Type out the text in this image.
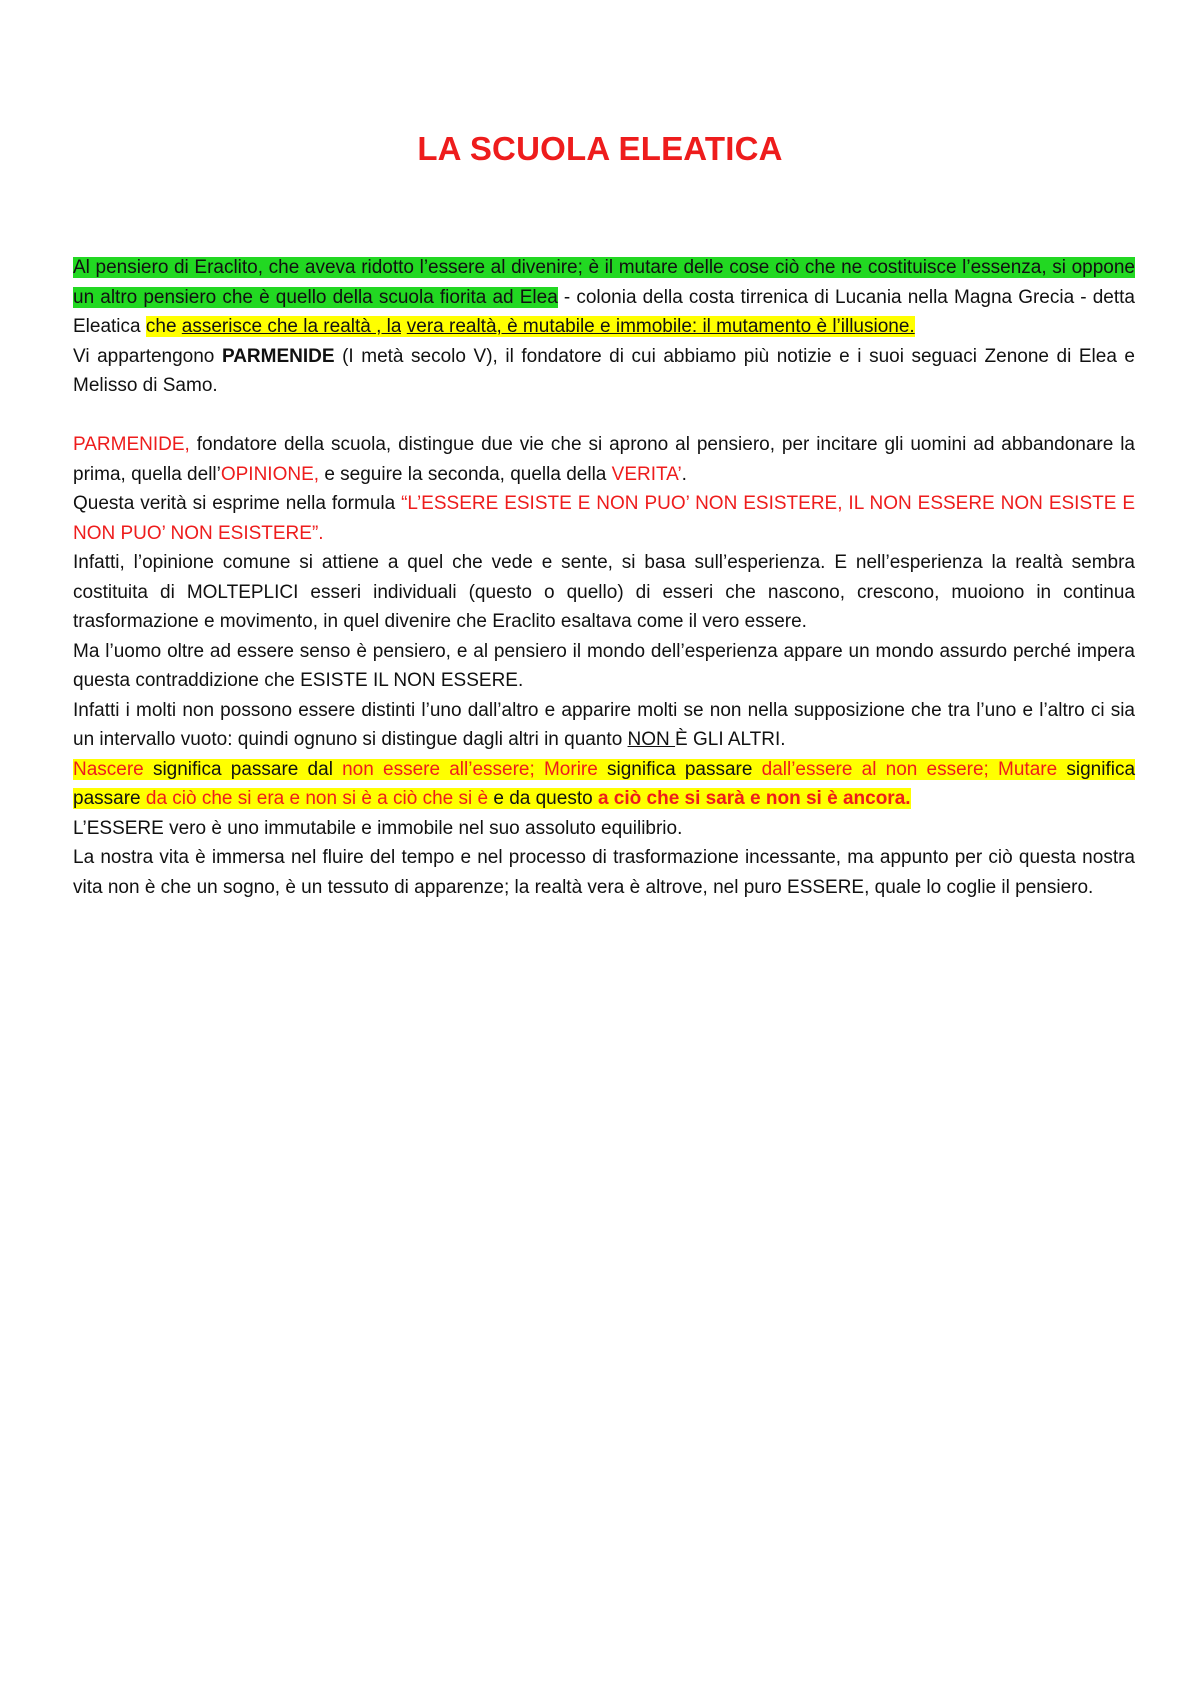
LA SCUOLA ELEATICA

Al pensiero di Eraclito, che aveva ridotto l’essere al divenire; è il mutare delle cose ciò che ne costituisce l’essenza, si oppone un altro pensiero che è quello della scuola fiorita ad Elea - colonia della costa tirrenica di Lucania nella Magna Grecia - detta Eleatica che asserisce che la realtà , la vera realtà, è mutabile e immobile: il mutamento è l’illusione.

Vi appartengono PARMENIDE (I metà secolo V), il fondatore di cui abbiamo più notizie e i suoi seguaci Zenone di Elea e Melisso di Samo.

PARMENIDE, fondatore della scuola, distingue due vie che si aprono al pensiero, per incitare gli uomini ad abbandonare la prima, quella dell’OPINIONE, e seguire la seconda, quella della VERITA’.

Questa verità si esprime nella formula “L’ESSERE ESISTE E NON PUO’ NON ESISTERE, IL NON ESSERE NON ESISTE E NON PUO’ NON ESISTERE”.

Infatti, l’opinione comune si attiene a quel che vede e sente, si basa sull’esperienza. E nell’esperienza la realtà sembra costituita di MOLTEPLICI esseri individuali (questo o quello) di esseri che nascono, crescono, muoiono in continua trasformazione e movimento, in quel divenire che Eraclito esaltava come il vero essere.

Ma l’uomo oltre ad essere senso è pensiero, e al pensiero il mondo dell’esperienza appare un mondo assurdo perché impera questa contraddizione che ESISTE IL NON ESSERE.

Infatti i molti non possono essere distinti l’uno dall’altro e apparire molti se non nella supposizione che tra l’uno e l’altro ci sia un intervallo vuoto: quindi ognuno si distingue dagli altri in quanto NON È GLI ALTRI.

Nascere significa passare dal non essere all’essere; Morire significa passare dall’essere al non essere; Mutare significa passare da ciò che si era e non si è a ciò che si è e da questo a ciò che si sarà e non si è ancora.

L’ESSERE vero è uno immutabile e immobile nel suo assoluto equilibrio.

La nostra vita è immersa nel fluire del tempo e nel processo di trasformazione incessante, ma appunto per ciò questa nostra vita non è che un sogno, è un tessuto di apparenze; la realtà vera è altrove, nel puro ESSERE, quale lo coglie il pensiero.
